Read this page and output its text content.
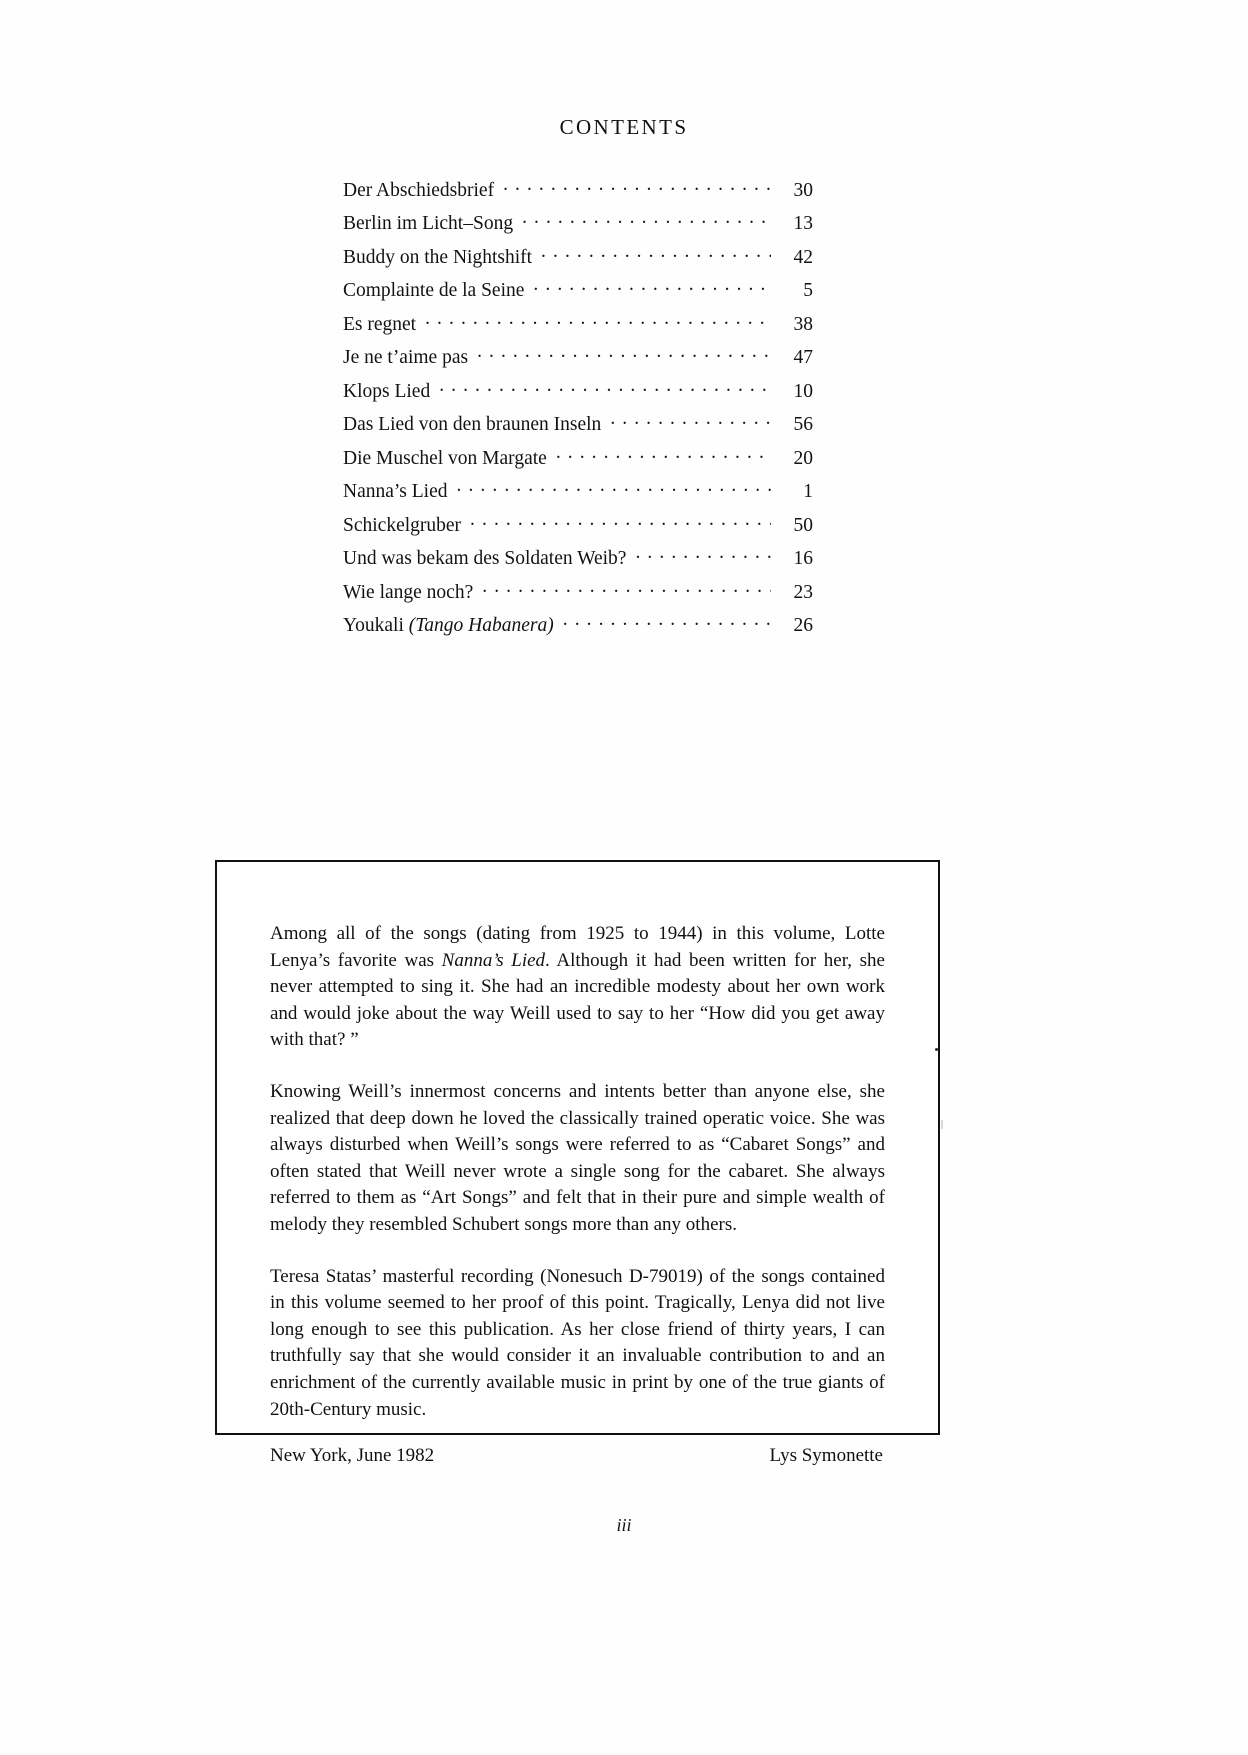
CONTENTS
Der Abschiedsbrief . . .	30
Berlin im Licht–Song . . .	13
Buddy on the Nightshift . . .	42
Complainte de la Seine . . .	5
Es regnet . . .	38
Je ne t’aime pas . . .	47
Klops Lied . . .	10
Das Lied von den braunen Inseln . . .	56
Die Muschel von Margate . . .	20
Nanna’s Lied . . .	1
Schickelgruber . . .	50
Und was bekam des Soldaten Weib? . . .	16
Wie lange noch? . . .	23
Youkali (Tango Habanera) . . .	26

Among all of the songs (dating from 1925 to 1944) in this volume, Lotte Lenya’s favorite was Nanna’s Lied. Although it had been written for her, she never attempted to sing it. She had an incredible modesty about her own work and would joke about the way Weill used to say to her “How did you get away with that? ”

Knowing Weill’s innermost concerns and intents better than anyone else, she realized that deep down he loved the classically trained operatic voice. She was always disturbed when Weill’s songs were referred to as “Cabaret Songs” and often stated that Weill never wrote a single song for the cabaret. She always referred to them as “Art Songs” and felt that in their pure and simple wealth of melody they resembled Schubert songs more than any others.

Teresa Statas’ masterful recording (Nonesuch D-79019) of the songs contained in this volume seemed to her proof of this point. Tragically, Lenya did not live long enough to see this publication. As her close friend of thirty years, I can truthfully say that she would consider it an invaluable contribution to and an enrichment of the currently available music in print by one of the true giants of 20th-Century music.

New York, June 1982	Lys Symonette
iii
